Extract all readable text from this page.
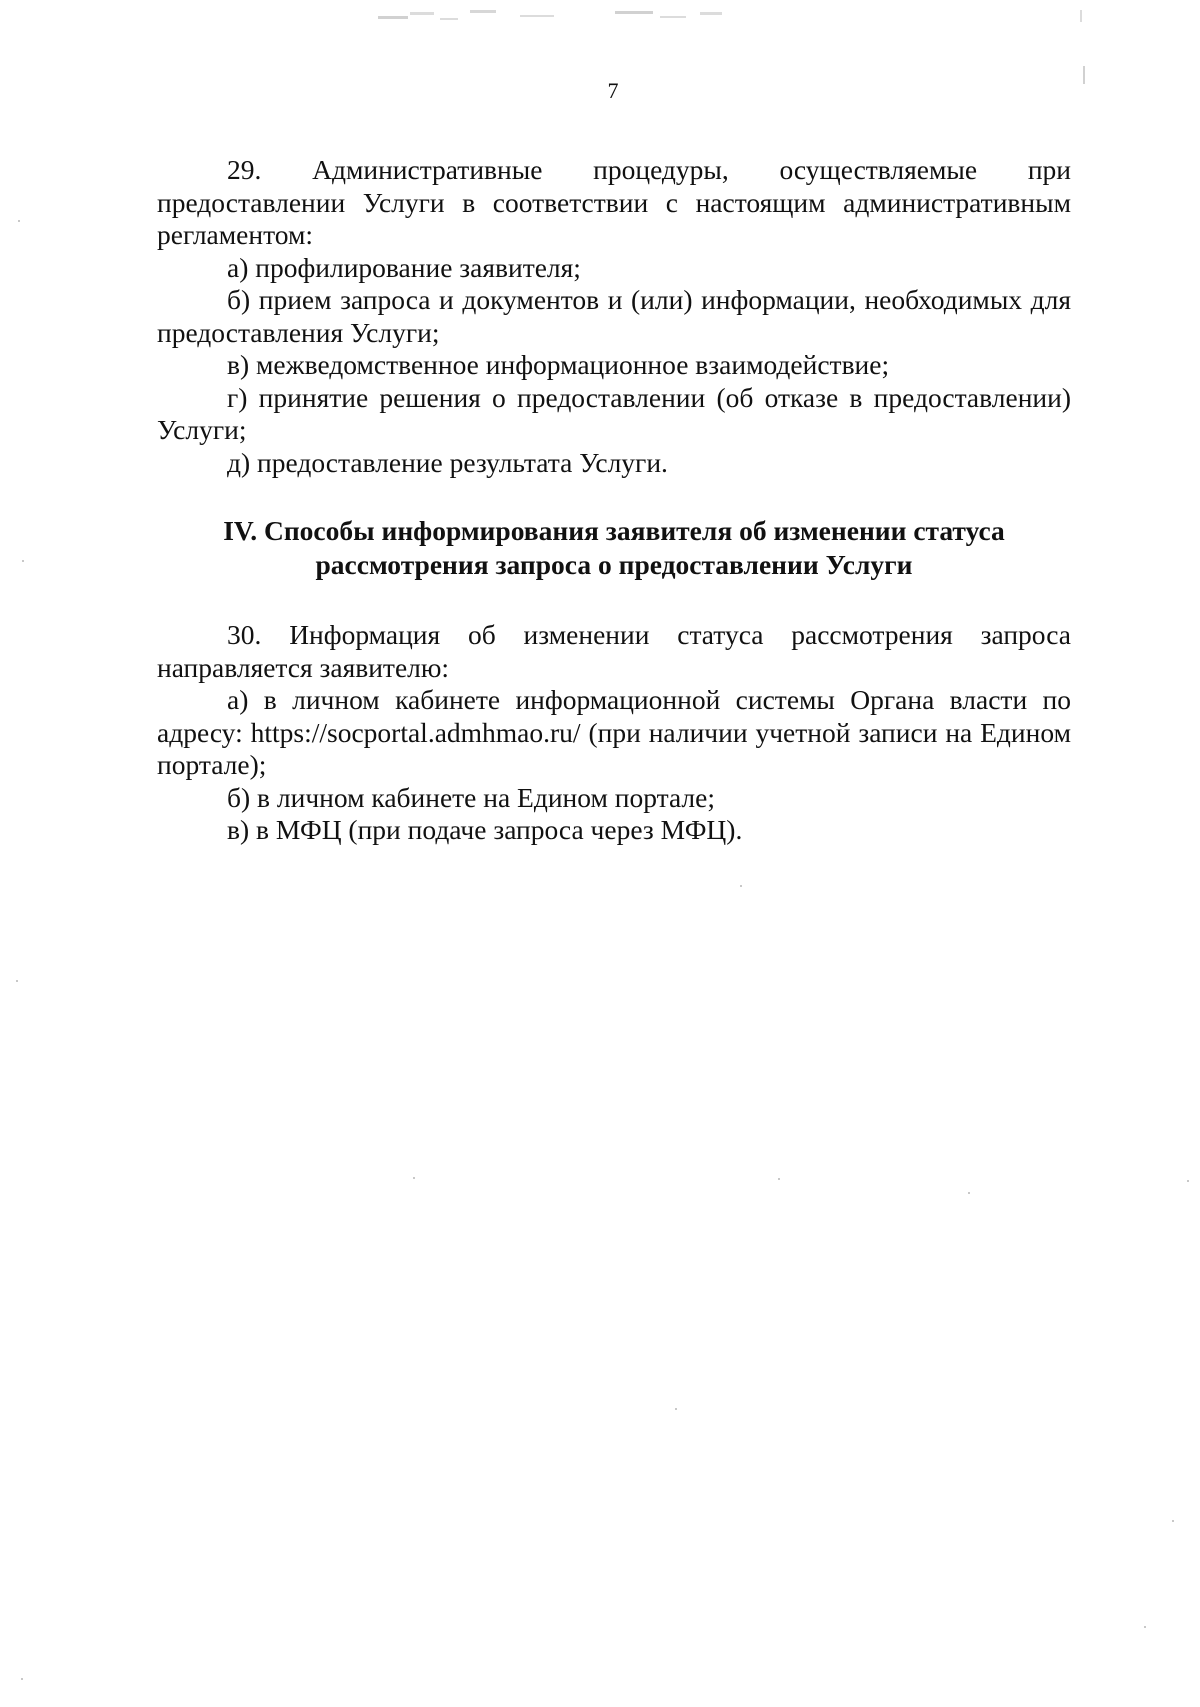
7

29. Административные процедуры, осуществляемые при предоставлении Услуги в соответствии с настоящим административным регламентом:

а) профилирование заявителя;

б) прием запроса и документов и (или) информации, необходимых для предоставления Услуги;

в) межведомственное информационное взаимодействие;

г) принятие решения о предоставлении (об отказе в предоставлении) Услуги;

д) предоставление результата Услуги.

IV. Способы информирования заявителя об изменении статуса
рассмотрения запроса о предоставлении Услуги

30. Информация об изменении статуса рассмотрения запроса направляется заявителю:

а) в личном кабинете информационной системы Органа власти по адресу: https://socportal.admhmao.ru/ (при наличии учетной записи на Едином портале);

б) в личном кабинете на Едином портале;

в) в МФЦ (при подаче запроса через МФЦ).
